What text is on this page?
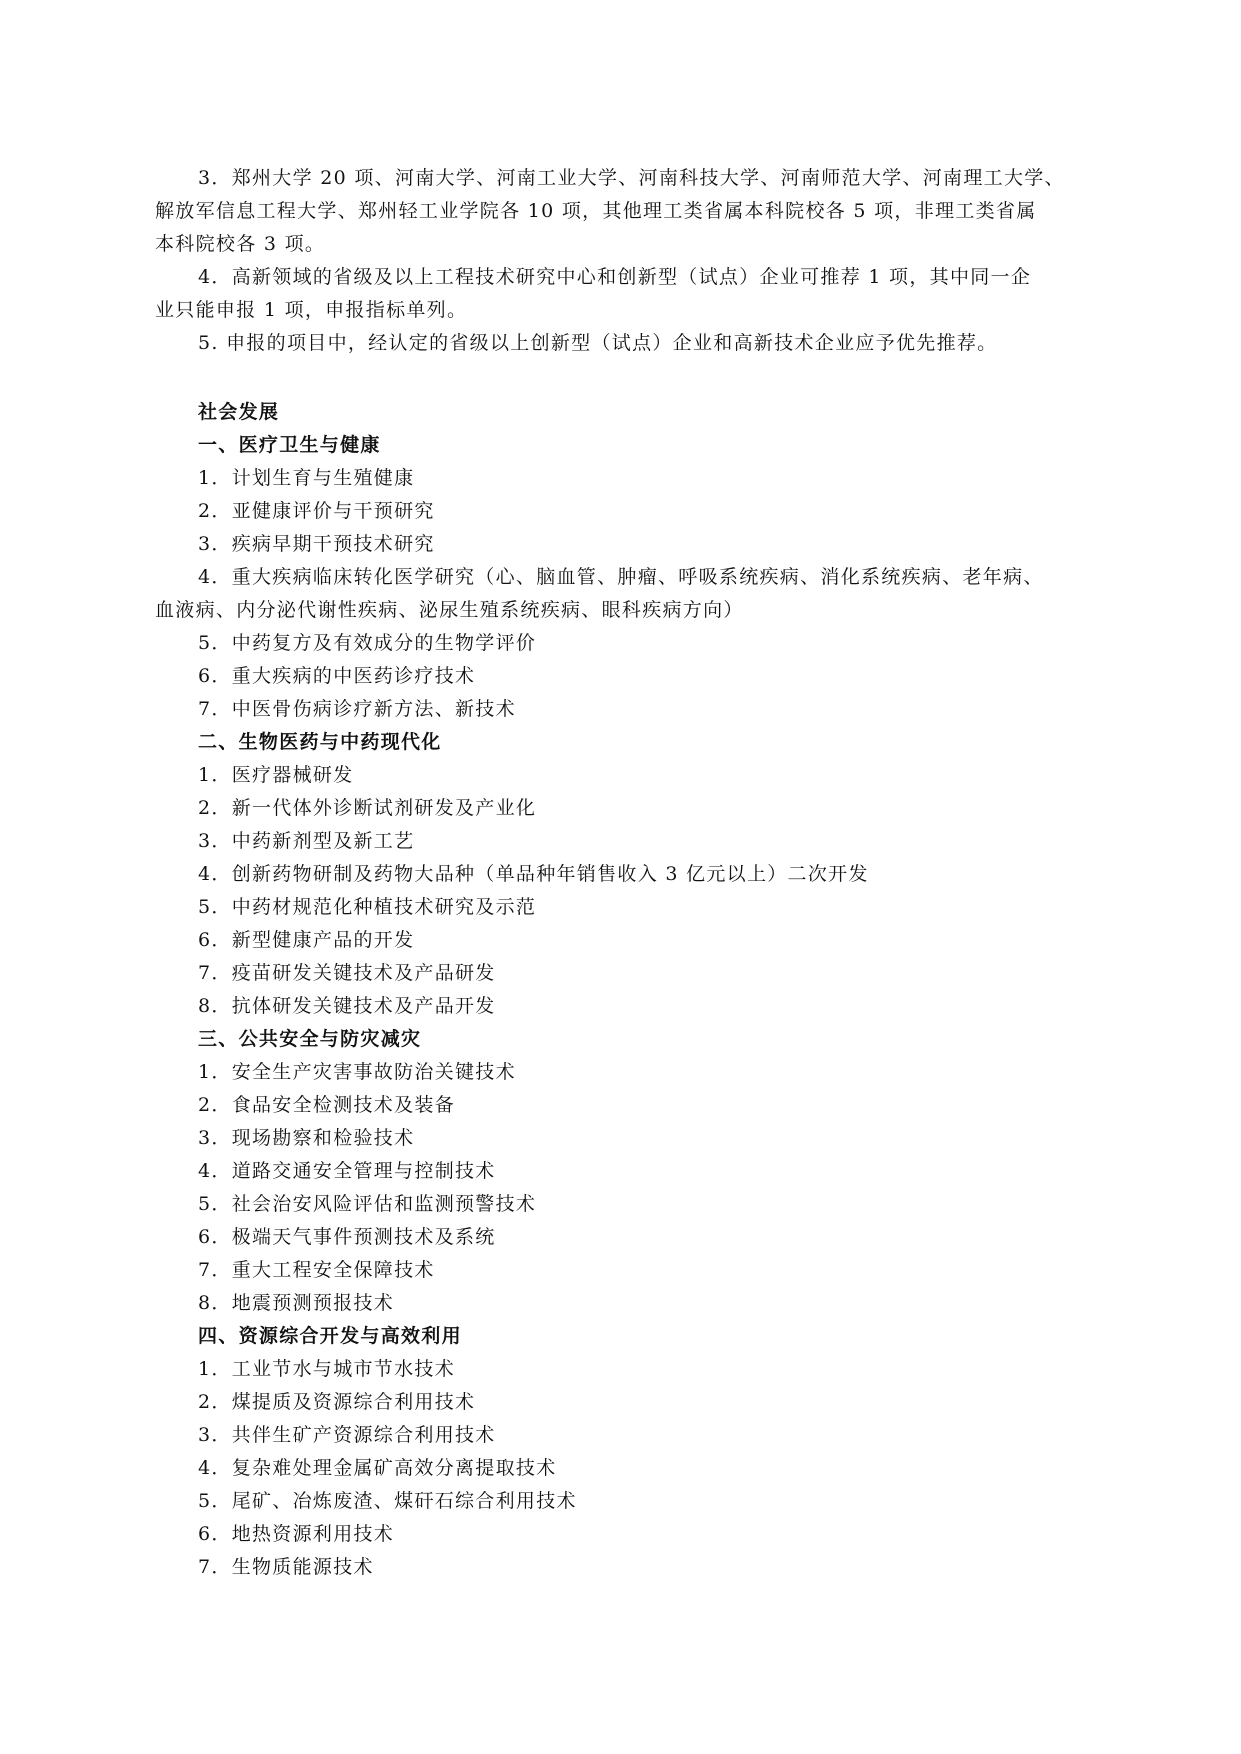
3．郑州大学 20 项、河南大学、河南工业大学、河南科技大学、河南师范大学、河南理工大学、
解放军信息工程大学、郑州轻工业学院各 10 项，其他理工类省属本科院校各 5 项，非理工类省属
本科院校各 3 项。
4．高新领域的省级及以上工程技术研究中心和创新型（试点）企业可推荐 1 项，其中同一企
业只能申报 1 项，申报指标单列。
5. 申报的项目中，经认定的省级以上创新型（试点）企业和高新技术企业应予优先推荐。
社会发展
一、医疗卫生与健康
1．计划生育与生殖健康
2．亚健康评价与干预研究
3．疾病早期干预技术研究
4．重大疾病临床转化医学研究（心、脑血管、肿瘤、呼吸系统疾病、消化系统疾病、老年病、
血液病、内分泌代谢性疾病、泌尿生殖系统疾病、眼科疾病方向）
5．中药复方及有效成分的生物学评价
6．重大疾病的中医药诊疗技术
7．中医骨伤病诊疗新方法、新技术
二、生物医药与中药现代化
1．医疗器械研发
2．新一代体外诊断试剂研发及产业化
3．中药新剂型及新工艺
4．创新药物研制及药物大品种（单品种年销售收入 3 亿元以上）二次开发
5．中药材规范化种植技术研究及示范
6．新型健康产品的开发
7．疫苗研发关键技术及产品研发
8．抗体研发关键技术及产品开发
三、公共安全与防灾减灾
1．安全生产灾害事故防治关键技术
2．食品安全检测技术及装备
3．现场勘察和检验技术
4．道路交通安全管理与控制技术
5．社会治安风险评估和监测预警技术
6．极端天气事件预测技术及系统
7．重大工程安全保障技术
8．地震预测预报技术
四、资源综合开发与高效利用
1．工业节水与城市节水技术
2．煤提质及资源综合利用技术
3．共伴生矿产资源综合利用技术
4．复杂难处理金属矿高效分离提取技术
5．尾矿、冶炼废渣、煤矸石综合利用技术
6．地热资源利用技术
7．生物质能源技术
